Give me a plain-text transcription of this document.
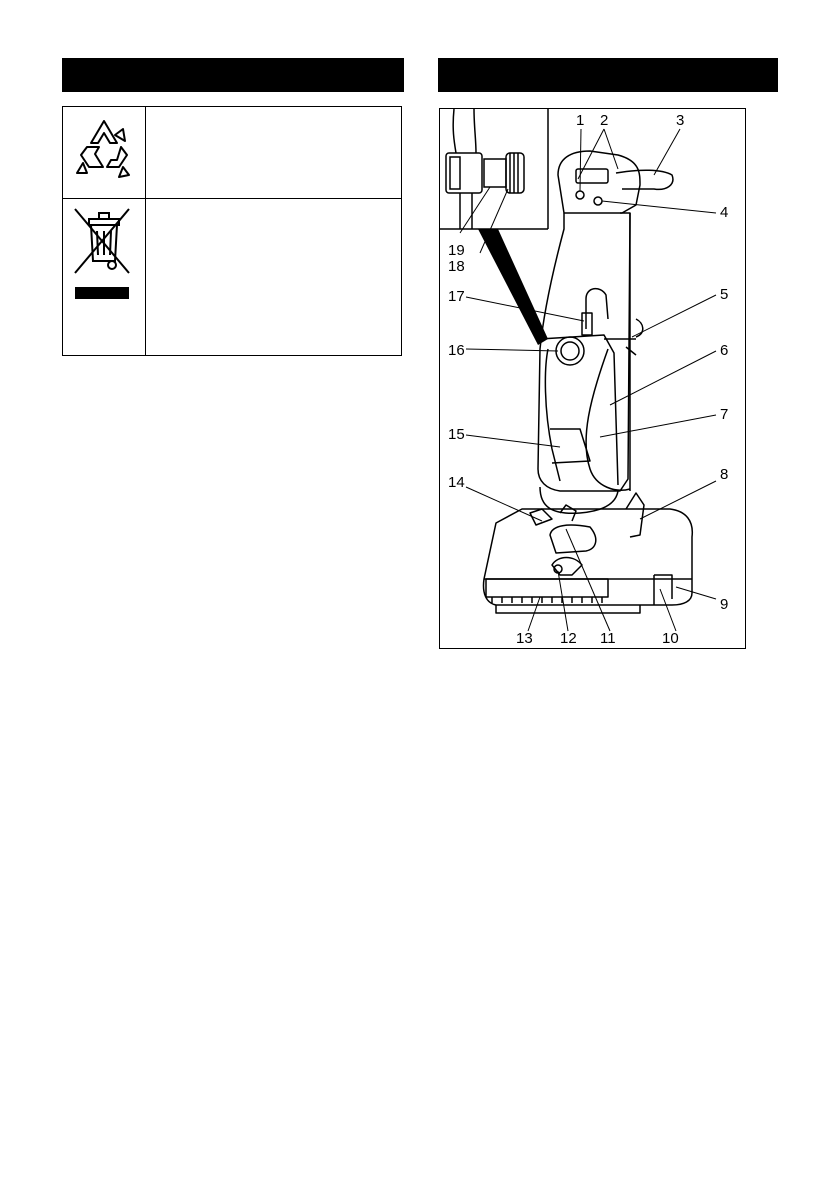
1 2	3
4
5
6
7
8
9
10
11
12
13
14
15
16
17
18
19
